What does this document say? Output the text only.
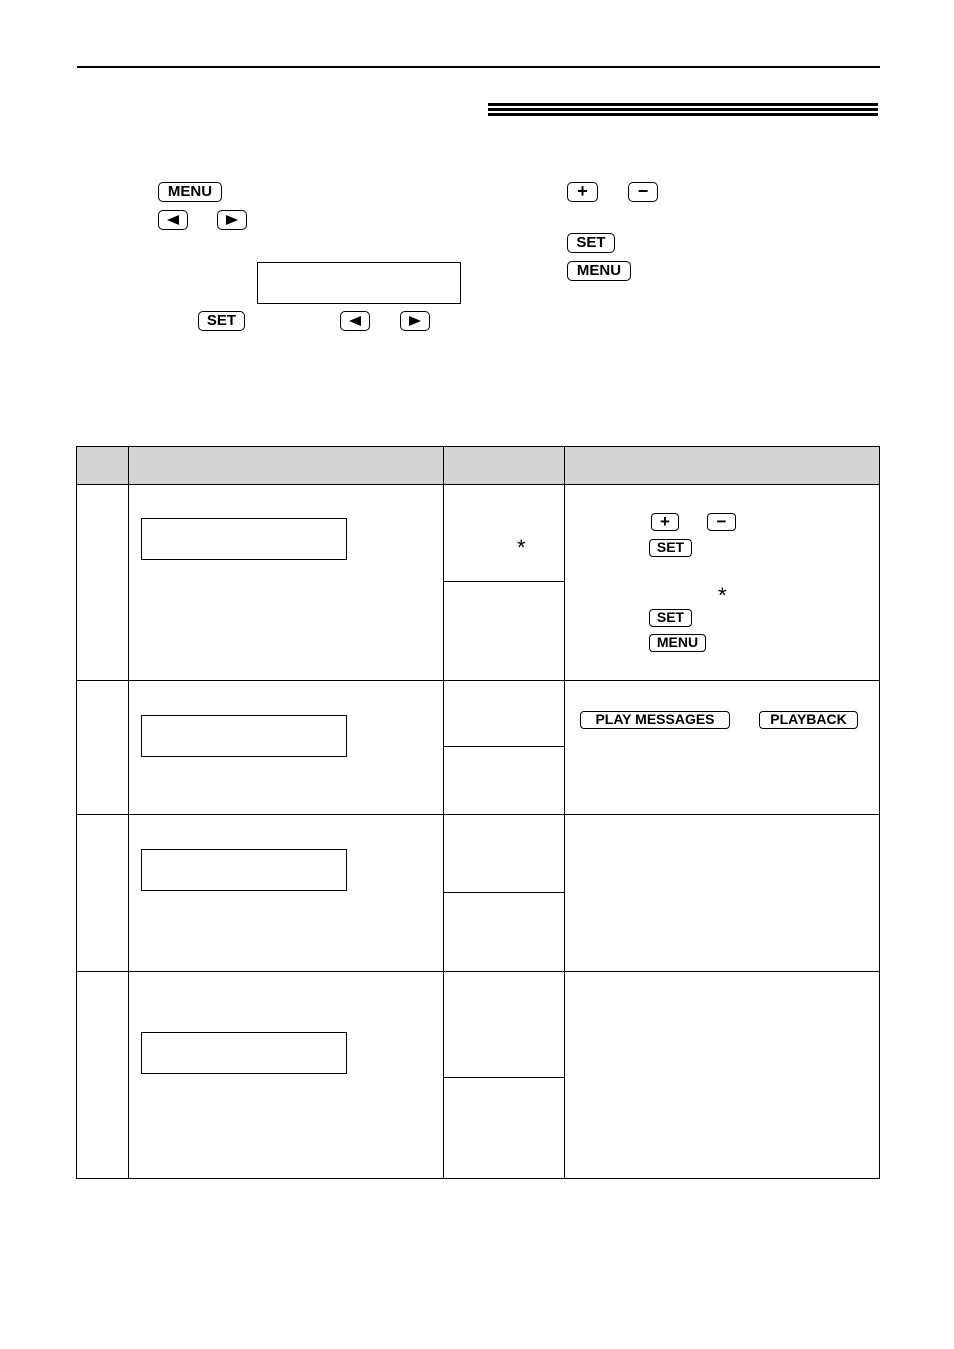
MENU
SET
+	−
SET
MENU
*
+	−
SET
*
SET
MENU
PLAY MESSAGES	PLAYBACK
